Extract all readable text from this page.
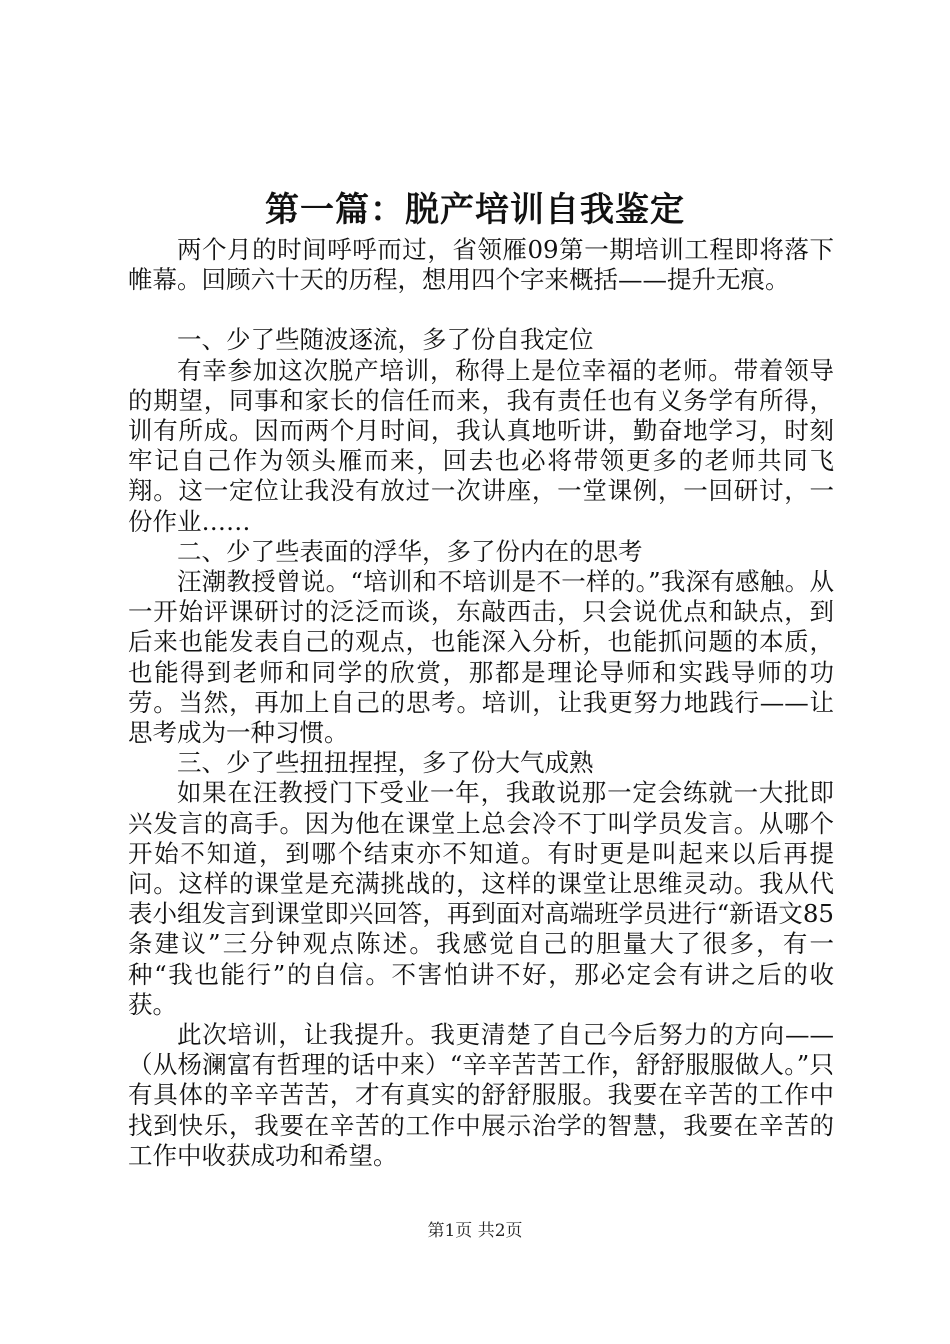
第一篇：脱产培训自我鉴定

两个月的时间呼呼而过，省领雁09第一期培训工程即将落下帷幕。回顾六十天的历程，想用四个字来概括——提升无痕。

一、少了些随波逐流，多了份自我定位

有幸参加这次脱产培训，称得上是位幸福的老师。带着领导的期望，同事和家长的信任而来，我有责任也有义务学有所得，训有所成。因而两个月时间，我认真地听讲，勤奋地学习，时刻牢记自己作为领头雁而来，回去也必将带领更多的老师共同飞翔。这一定位让我没有放过一次讲座，一堂课例，一回研讨，一份作业……

二、少了些表面的浮华，多了份内在的思考

汪潮教授曾说。“培训和不培训是不一样的。”我深有感触。从一开始评课研讨的泛泛而谈，东敲西击，只会说优点和缺点，到后来也能发表自己的观点，也能深入分析，也能抓问题的本质，也能得到老师和同学的欣赏，那都是理论导师和实践导师的功劳。当然，再加上自己的思考。培训，让我更努力地践行——让思考成为一种习惯。

三、少了些扭扭捏捏，多了份大气成熟

如果在汪教授门下受业一年，我敢说那一定会练就一大批即兴发言的高手。因为他在课堂上总会冷不丁叫学员发言。从哪个开始不知道，到哪个结束亦不知道。有时更是叫起来以后再提问。这样的课堂是充满挑战的，这样的课堂让思维灵动。我从代表小组发言到课堂即兴回答，再到面对高端班学员进行“新语文85条建议”三分钟观点陈述。我感觉自己的胆量大了很多，有一种“我也能行”的自信。不害怕讲不好，那必定会有讲之后的收获。

此次培训，让我提升。我更清楚了自己今后努力的方向——（从杨澜富有哲理的话中来）“辛辛苦苦工作，舒舒服服做人。”只有具体的辛辛苦苦，才有真实的舒舒服服。我要在辛苦的工作中找到快乐，我要在辛苦的工作中展示治学的智慧，我要在辛苦的工作中收获成功和希望。

第1页 共2页
